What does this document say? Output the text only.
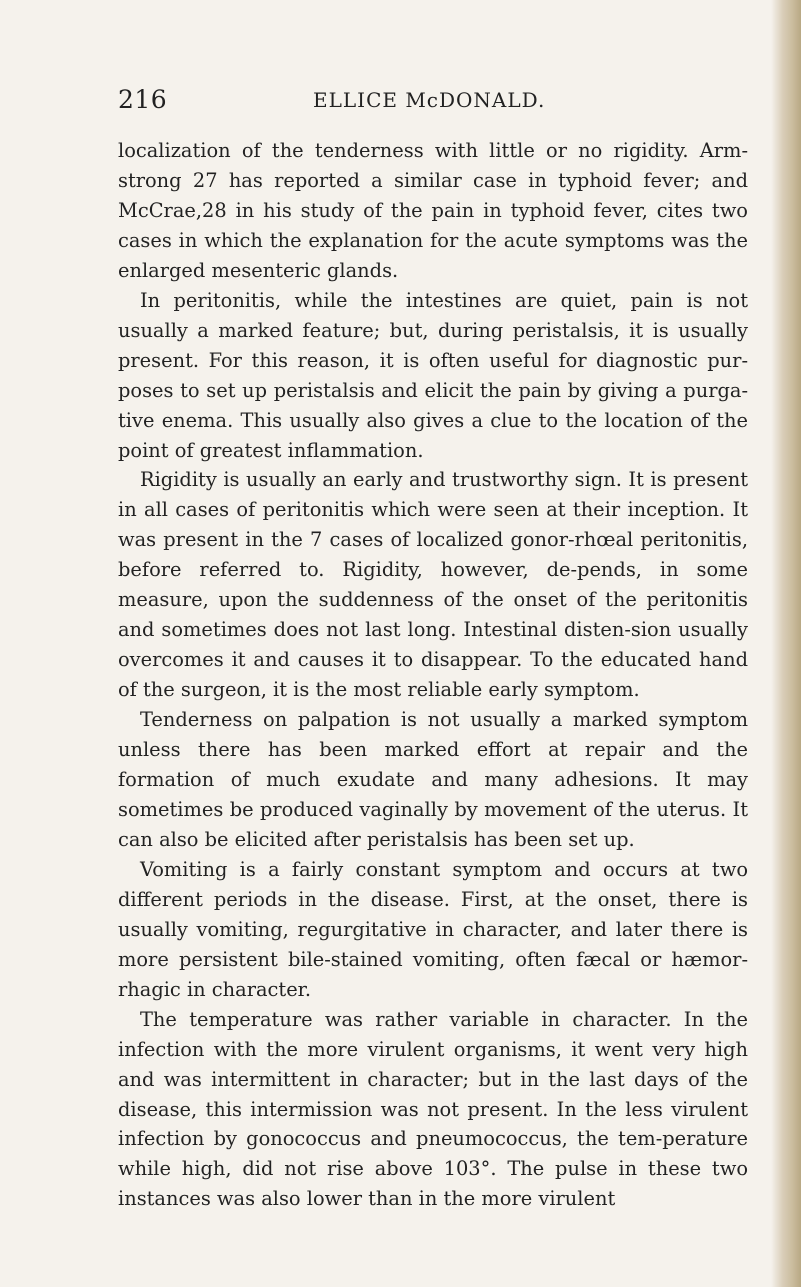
216	ELLICE McDONALD.

localization of the tenderness with little or no rigidity. Arm-strong 27 has reported a similar case in typhoid fever; and McCrae,28 in his study of the pain in typhoid fever, cites two cases in which the explanation for the acute symptoms was the enlarged mesenteric glands.

In peritonitis, while the intestines are quiet, pain is not usually a marked feature; but, during peristalsis, it is usually present. For this reason, it is often useful for diagnostic pur-poses to set up peristalsis and elicit the pain by giving a purga-tive enema. This usually also gives a clue to the location of the point of greatest inflammation.

Rigidity is usually an early and trustworthy sign. It is present in all cases of peritonitis which were seen at their inception. It was present in the 7 cases of localized gonor-rhœal peritonitis, before referred to. Rigidity, however, de-pends, in some measure, upon the suddenness of the onset of the peritonitis and sometimes does not last long. Intestinal disten-sion usually overcomes it and causes it to disappear. To the educated hand of the surgeon, it is the most reliable early symptom.

Tenderness on palpation is not usually a marked symptom unless there has been marked effort at repair and the formation of much exudate and many adhesions. It may sometimes be produced vaginally by movement of the uterus. It can also be elicited after peristalsis has been set up.

Vomiting is a fairly constant symptom and occurs at two different periods in the disease. First, at the onset, there is usually vomiting, regurgitative in character, and later there is more persistent bile-stained vomiting, often fæcal or hæmor-rhagic in character.

The temperature was rather variable in character. In the infection with the more virulent organisms, it went very high and was intermittent in character; but in the last days of the disease, this intermission was not present. In the less virulent infection by gonococcus and pneumococcus, the tem-perature while high, did not rise above 103°. The pulse in these two instances was also lower than in the more virulent
